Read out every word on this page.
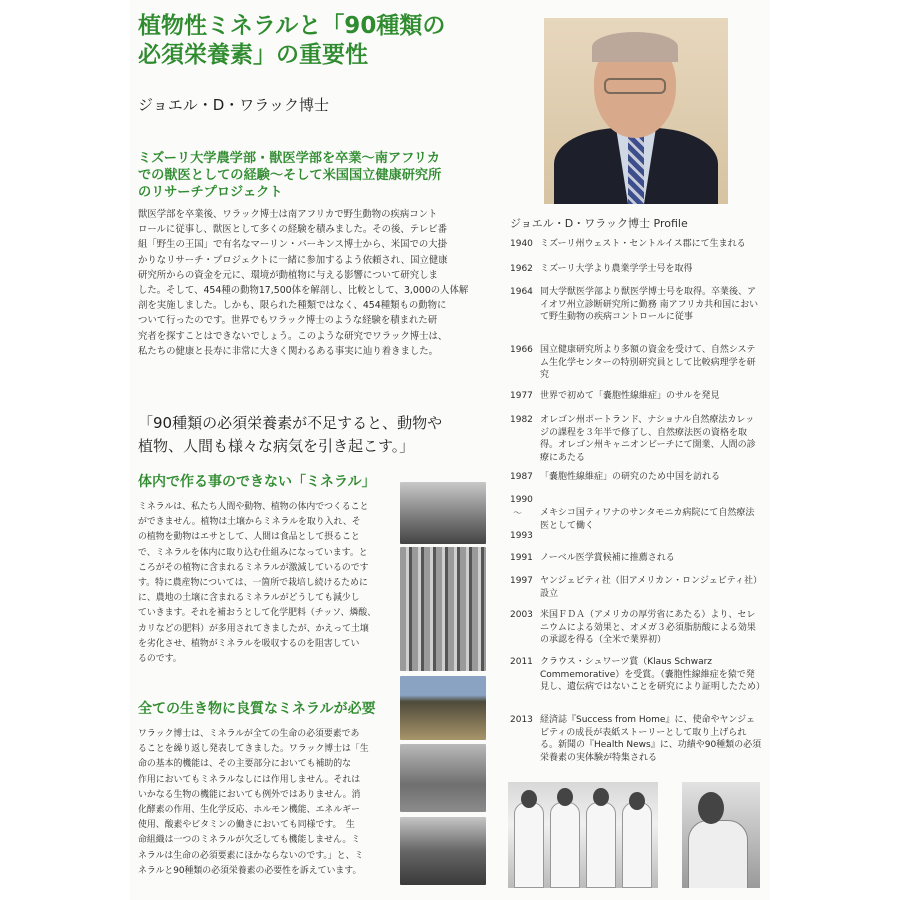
植物性ミネラルと「90種類の
必須栄養素」の重要性
ジョエル・D・ワラック博士
ミズーリ大学農学部・獣医学部を卒業～南アフリカ
での獣医としての経験～そして米国国立健康研究所
のリサーチプロジェクト
獣医学部を卒業後、ワラック博士は南アフリカで野生動物の疾病コント
ロールに従事し、獣医として多くの経験を積みました。その後、テレビ番
組「野生の王国」で有名なマーリン・パーキンス博士から、米国での大掛
かりなリサーチ・プロジェクトに一緒に参加するよう依頼され、国立健康
研究所からの資金を元に、環境が動植物に与える影響について研究しま
した。そして、454種の動物17,500体を解剖し、比較として、3,000の人体解
剖を実施しました。しかも、限られた種類ではなく、454種類もの動物に
ついて行ったのです。世界でもワラック博士のような経験を積まれた研
究者を探すことはできないでしょう。このような研究でワラック博士は、
私たちの健康と長寿に非常に大きく関わるある事実に辿り着きました。
「90種類の必須栄養素が不足すると、動物や
植物、人間も様々な病気を引き起こす。」
体内で作る事のできない「ミネラル」
ミネラルは、私たち人間や動物、植物の体内でつくること
ができません。植物は土壌からミネラルを取り入れ、そ
の植物を動物はエサとして、人間は食品として摂ること
で、ミネラルを体内に取り込む仕組みになっています。と
ころがその植物に含まれるミネラルが激減しているのです
す。特に農産物については、一箇所で栽培し続けるために
に、農地の土壌に含まれるミネラルがどうしても減少し
ていきます。それを補おうとして化学肥料（チッソ、燐酸、
カリなどの肥料）が多用されてきましたが、かえって土壌
を劣化させ、植物がミネラルを吸収するのを阻害してい
るのです。
全ての生き物に良質なミネラルが必要
ワラック博士は、ミネラルが全ての生命の必須要素であ
ることを繰り返し発表してきました。ワラック博士は「生
命の基本的機能は、その主要部分においても補助的な
作用においてもミネラルなしには作用しません。それは
いかなる生物の機能においても例外ではありません。消
化酵素の作用、生化学反応、ホルモン機能、エネルギー
使用、酸素やビタミンの働きにおいても同様です。　生
命組織は一つのミネラルが欠乏しても機能しません。ミ
ネラルは生命の必須要素にほかならないのです。」と、ミ
ネラルと90種類の必須栄養素の必要性を訴えています。
ジョエル・D・ワラック博士 Profile
1940 ミズーリ州ウェスト・セントルイス郡にて生まれる
1962 ミズーリ大学より農業学学士号を取得
1964 同大学獣医学部より獣医学博士号を取得。卒業後、アイオワ州立診断研究所に勤務 南アフリカ共和国において野生動物の疾病コントロールに従事
1966 国立健康研究所より多額の資金を受けて、自然システム生化学センターの特別研究員として比較病理学を研究
1977 世界で初めて「嚢胞性線維症」のサルを発見
1982 オレゴン州ポートランド、ナショナル自然療法カレッジの課程を３年半で修了し、自然療法医の資格を取得。オレゴン州キャニオンビーチにて開業、人間の診療にあたる
1987 「嚢胞性線維症」の研究のため中国を訪れる
1990
メキシコ国ティワナのサンタモニカ病院にて自然療法医として働く
1993
1991 ノーベル医学賞候補に推薦される
1997 ヤンジェビティ社（旧アメリカン・ロンジェビティ社）設立
2003 米国ＦＤＡ（アメリカの厚労省にあたる）より、セレニウムによる効果と、オメガ３必須脂肪酸による効果の承認を得る（全米で業界初）
2011 クラウス・シュワーツ賞（Klaus Schwarz Commemorative）を受賞。（嚢胞性線維症を猿で発見し、遺伝病ではないことを研究により証明したため）
2013 経済誌『Success from Home』に、使命やヤンジェビティの成長が表紙ストーリーとして取り上げられる。新聞の『Health News』に、功績や90種類の必須栄養素の実体験が特集される
〜
